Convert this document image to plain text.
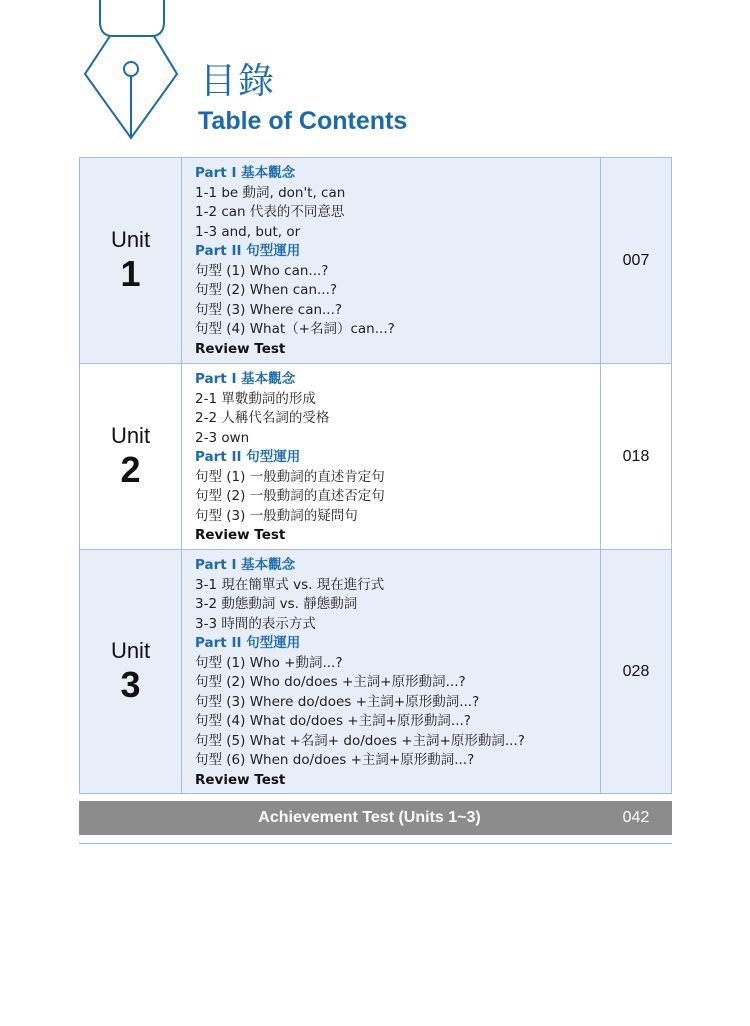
目錄
Table of Contents
Unit
1
Part I 基本觀念
1-1 be 動詞, don't, can
1-2 can 代表的不同意思
1-3 and, but, or
Part II 句型運用
句型 (1) Who can...?
句型 (2) When can...?
句型 (3) Where can...?
句型 (4) What（+名詞）can...?
Review Test
007
Unit
2
Part I 基本觀念
2-1 單數動詞的形成
2-2 人稱代名詞的受格
2-3 own
Part II 句型運用
句型 (1) 一般動詞的直述肯定句
句型 (2) 一般動詞的直述否定句
句型 (3) 一般動詞的疑問句
Review Test
018
Unit
3
Part I 基本觀念
3-1 現在簡單式 vs. 現在進行式
3-2 動態動詞 vs. 靜態動詞
3-3 時間的表示方式
Part II 句型運用
句型 (1) Who +動詞...?
句型 (2) Who do/does +主詞+原形動詞...?
句型 (3) Where do/does +主詞+原形動詞...?
句型 (4) What do/does +主詞+原形動詞...?
句型 (5) What +名詞+ do/does +主詞+原形動詞...?
句型 (6) When do/does +主詞+原形動詞...?
Review Test
028
Achievement Test (Units 1~3)	042
